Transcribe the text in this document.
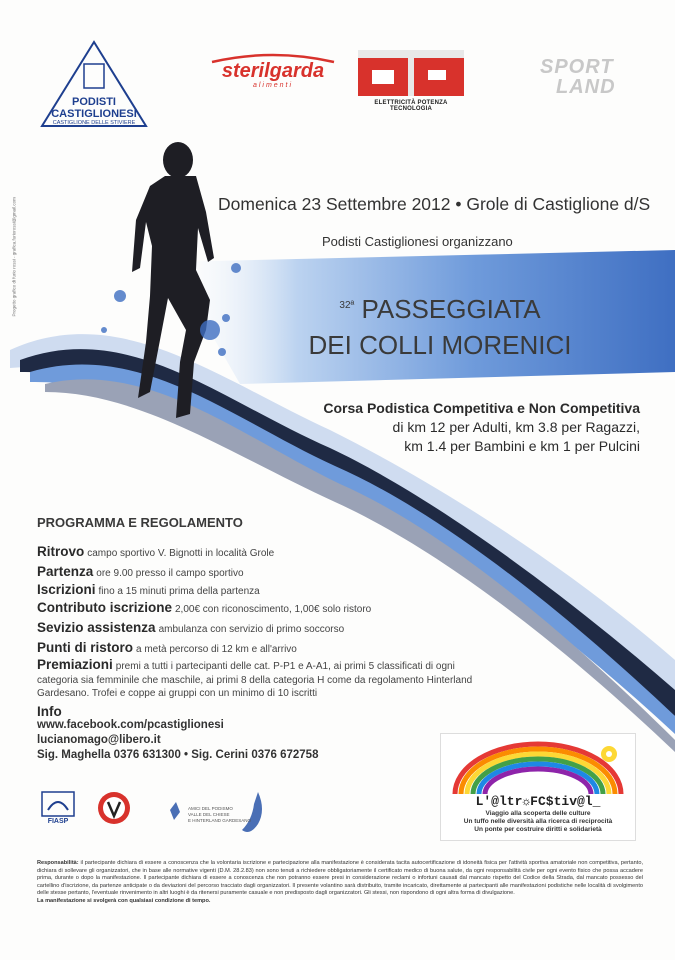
PODISTI
CASTIGLIONESI
CASTIGLIONE DELLE STIVIERE
sterilgarda
alimenti
ELETTRICITÀ POTENZA TECNOLOGIA
SPORT
LAND
Progetto grafico di furio rossi - grafica.furiorossi@gmail.com	Domenica 23 Settembre 2012 • Grole di Castiglione d/S
Podisti Castiglionesi organizzano
$^{32ª}$ PASSEGGIATA
DEI COLLI MORENICI
Corsa Podistica Competitiva e Non Competitiva
di km 12 per Adulti, km 3.8 per Ragazzi,
km 1.4 per Bambini e km 1 per Pulcini
PROGRAMMA E REGOLAMENTO
Ritrovo campo sportivo V. Bignotti in località Grole
Partenza ore 9.00 presso il campo sportivo
Iscrizioni fino a 15 minuti prima della partenza
Contributo iscrizione 2,00€ con riconoscimento, 1,00€ solo ristoro
Sevizio assistenza ambulanza con servizio di primo soccorso
Punti di ristoro a metà percorso di 12 km e all'arrivo
Premiazioni premi a tutti i partecipanti delle cat. P-P1 e A-A1, ai primi 5 classificati di ogni categoria sia femminile che maschile, ai primi 8 della categoria H come da regolamento Hinterland Gardesano. Trofei e coppe ai gruppi con un minimo di 10 iscritti
Info
www.facebook.com/pcastiglionesi
lucianomago@libero.it
Sig. Maghella 0376 631300 • Sig. Cerini 0376 672758
L'@ltr☼FC$tiv@l_
Viaggio alla scoperta delle culture
Un tuffo nelle diversità alla ricerca di reciprocità
Un ponte per costruire diritti e solidarietà
FIASP
AMICI DEL PODISMO
VALLE DEL CHIESE
E HINTERLAND GARDESANO
Responsabilità: il partecipante dichiara di essere a conoscenza che la volontaria iscrizione e partecipazione alla manifestazione è considerata tacita autocertificazione di idoneità fisica per l'attività sportiva amatoriale non competitiva, pertanto, dichiara di sollevare gli organizzatori, che in base alle normative vigenti (D.M. 28.2.83) non sono tenuti a richiedere obbligatoriamente il certificato medico di buona salute, da ogni responsabilità civile per ogni evento fisico che possa accadere prima, durante o dopo la manifestazione. Il partecipante dichiara di essere a conoscenza che non potranno essere presi in considerazione reclami o infortuni causati dal mancato rispetto del Codice della Strada, dal mancato possesso del cartellino d'iscrizione, da partenze anticipate o da deviazioni del percorso tracciato dagli organizzatori. Il presente volantino sarà distribuito, tramite incaricato, direttamente ai partecipanti alle manifestazioni podistiche nelle località di svolgimento delle stesse pertanto, l'eventuale rinvenimento in altri luoghi è da ritenersi puramente casuale e non predisposto dagli organizzatori. Gli stessi, non rispondono di ogni altra forma di divulgazione.
La manifestazione si svolgerà con qualsiasi condizione di tempo.
